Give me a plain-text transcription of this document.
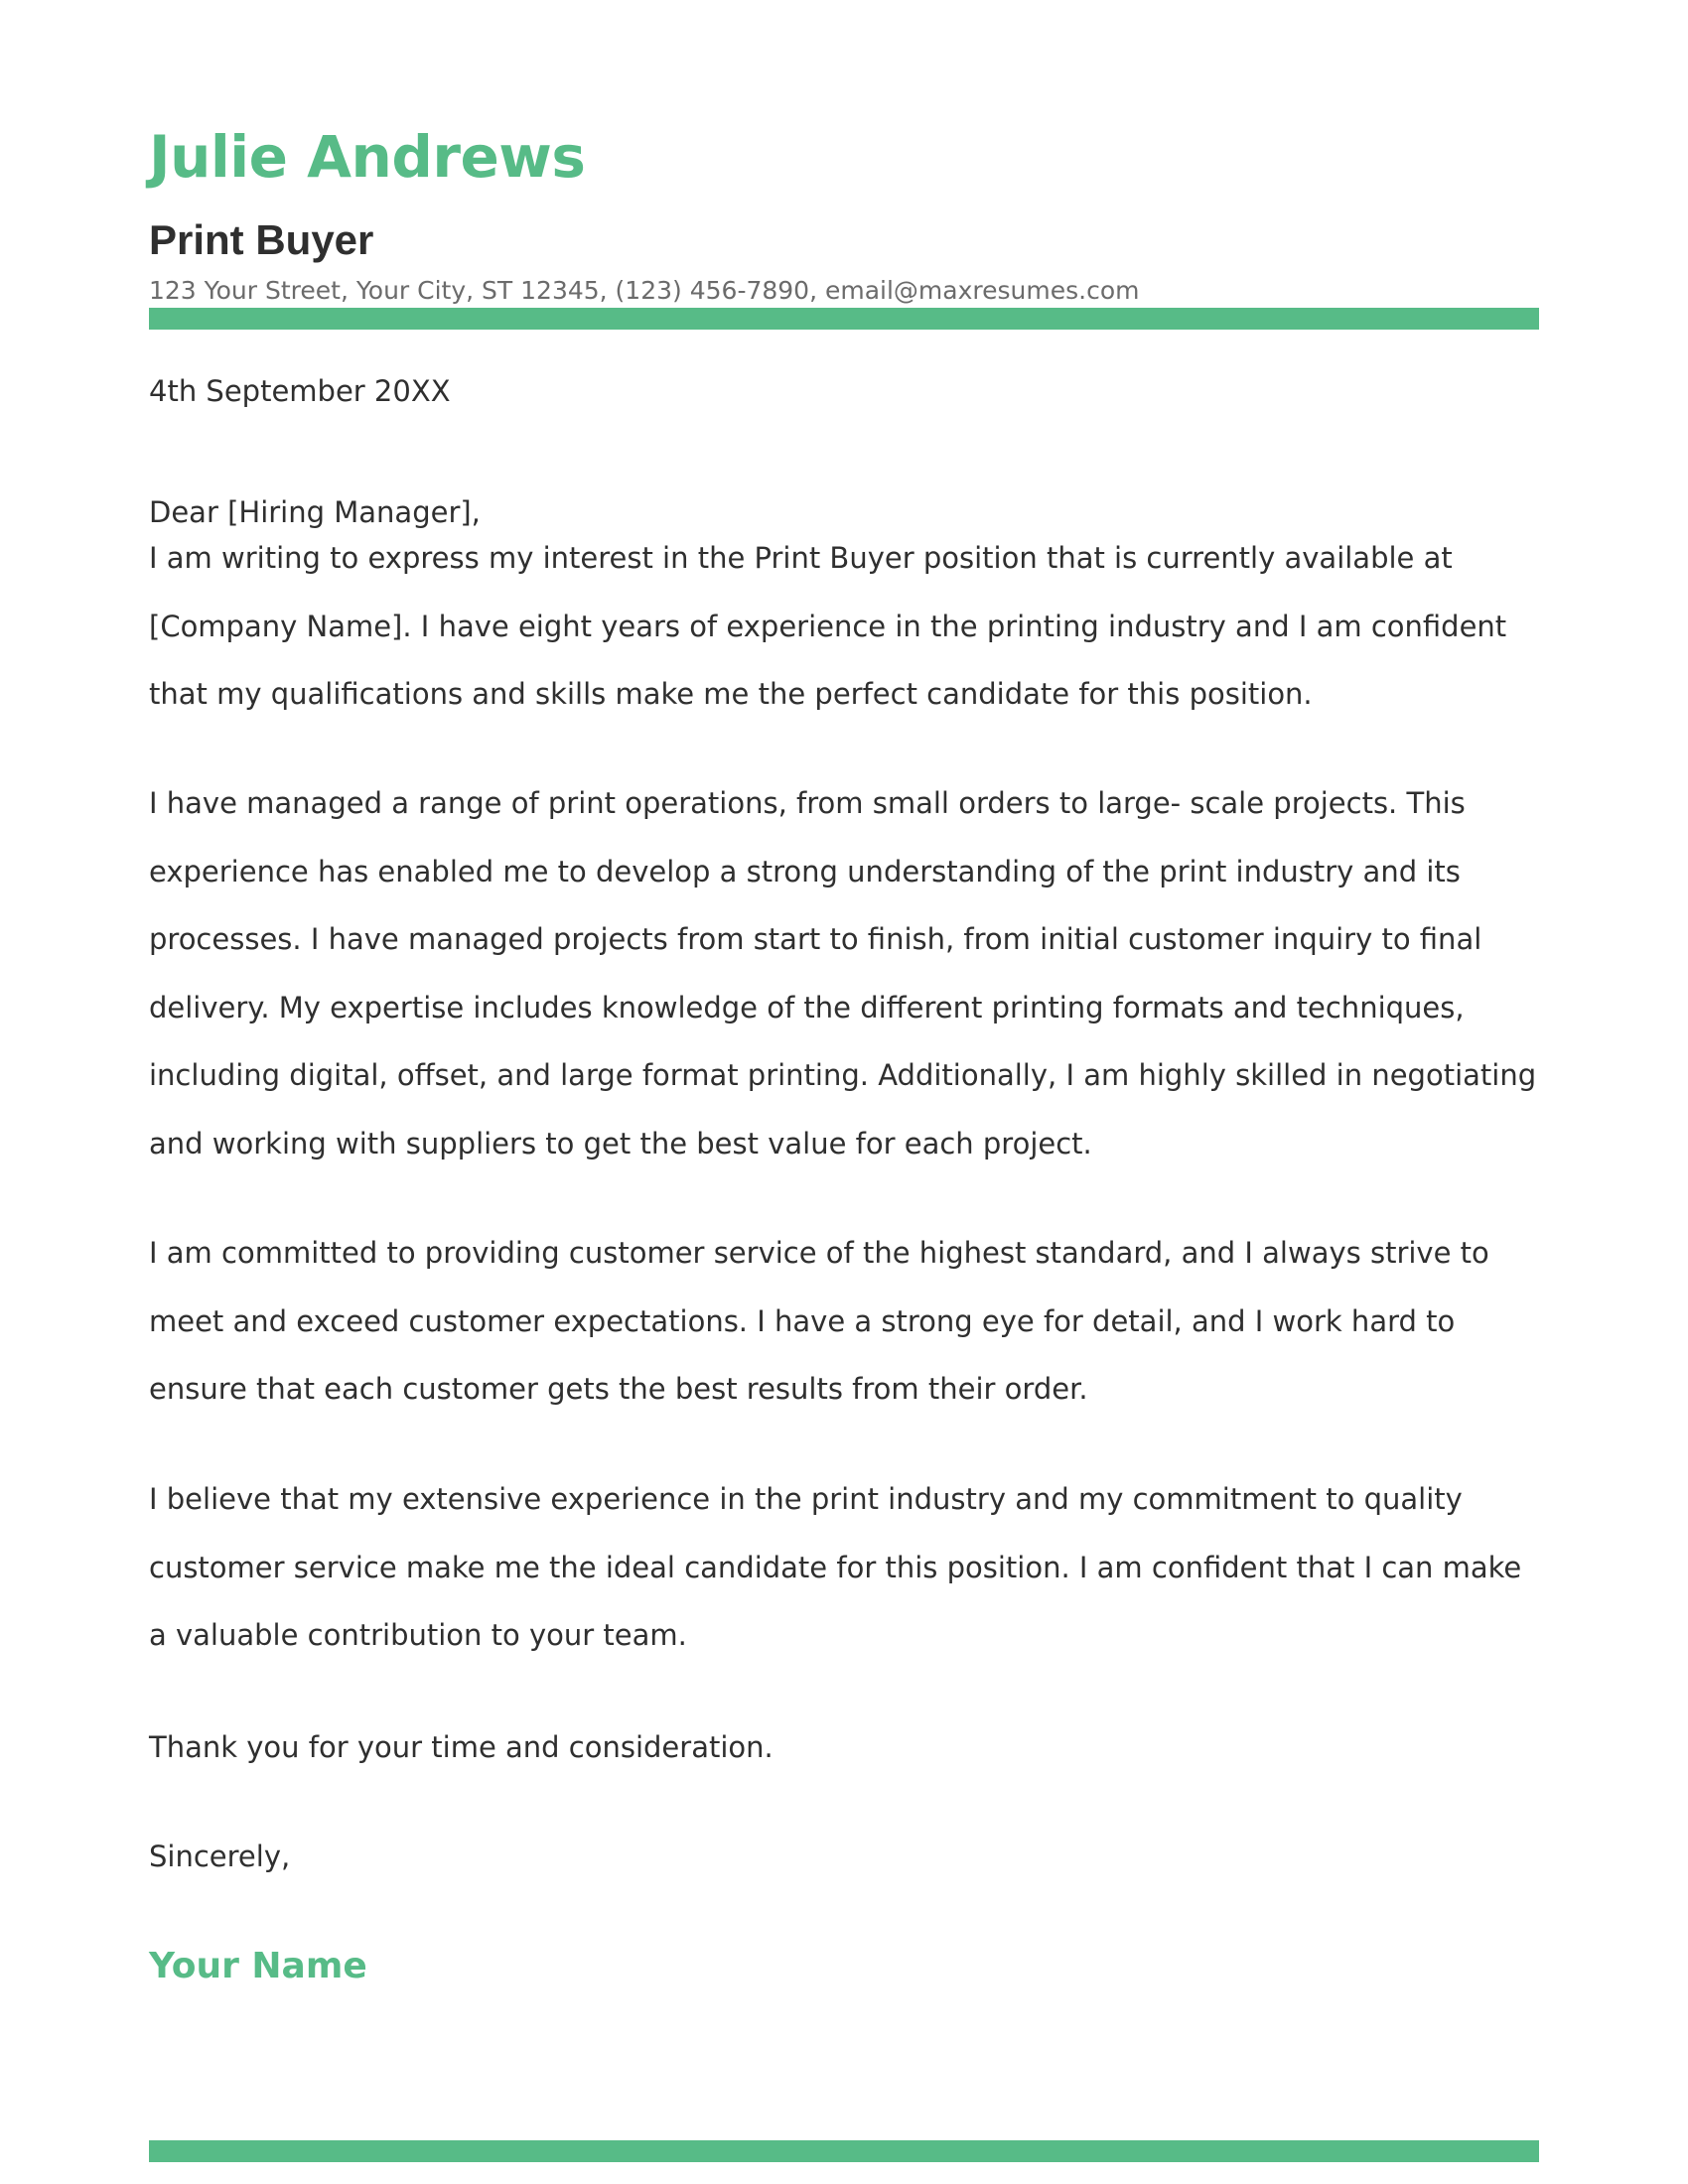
Julie Andrews
Print Buyer

123 Your Street, Your City, ST 12345, (123) 456-7890, email@maxresumes.com

4th September 20XX

Dear [Hiring Manager],

I am writing to express my interest in the Print Buyer position that is currently available at [Company Name]. I have eight years of experience in the printing industry and I am confident that my qualifications and skills make me the perfect candidate for this position.

I have managed a range of print operations, from small orders to large- scale projects. This experience has enabled me to develop a strong understanding of the print industry and its processes. I have managed projects from start to finish, from initial customer inquiry to final delivery. My expertise includes knowledge of the different printing formats and techniques, including digital, offset, and large format printing. Additionally, I am highly skilled in negotiating and working with suppliers to get the best value for each project.

I am committed to providing customer service of the highest standard, and I always strive to meet and exceed customer expectations. I have a strong eye for detail, and I work hard to ensure that each customer gets the best results from their order.

I believe that my extensive experience in the print industry and my commitment to quality customer service make me the ideal candidate for this position. I am confident that I can make a valuable contribution to your team.

Thank you for your time and consideration.

Sincerely,

Your Name
